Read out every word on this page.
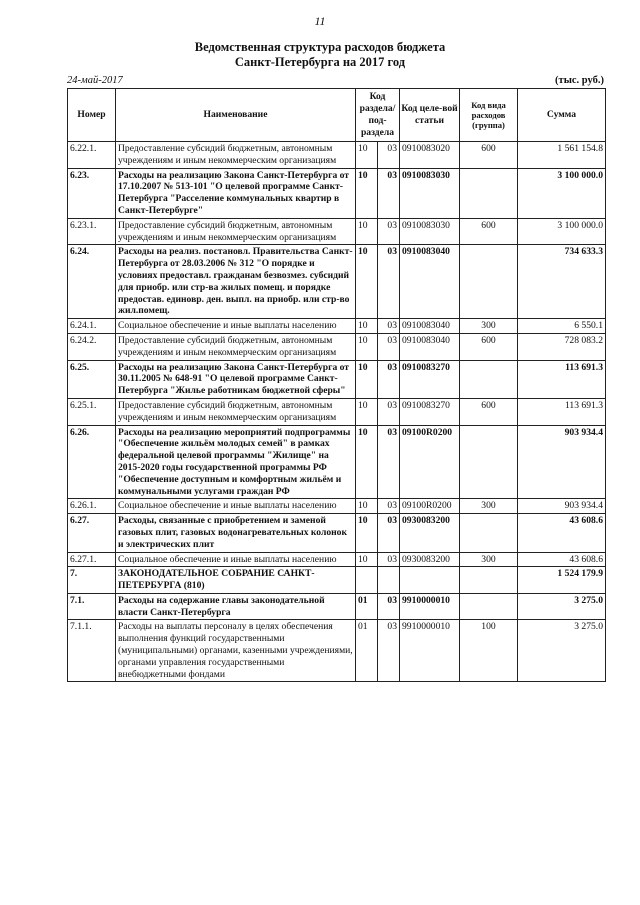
11
Ведомственная структура расходов бюджета
Санкт-Петербурга на 2017 год
24-май-2017	(тыс. руб.)
Номер	Наименование	Код раздела/ под-раздела		Код целе-вой статьи	Код вида расходов (группа)	Сумма
6.22.1.	Предоставление субсидий бюджетным, автономным учреждениям и иным некоммерческим организациям	10	03	0910083020	600	1 561 154.8
6.23.	Расходы на реализацию Закона Санкт-Петербурга от 17.10.2007 № 513-101 "О целевой программе Санкт-Петербурга "Расселение коммунальных квартир в Санкт-Петербурге"	10	03	0910083030		3 100 000.0
6.23.1.	Предоставление субсидий бюджетным, автономным учреждениям и иным некоммерческим организациям	10	03	0910083030	600	3 100 000.0
6.24.	Расходы на реализ. постановл. Правительства Санкт-Петербурга от 28.03.2006 № 312 "О порядке и условиях предоставл. гражданам безвозмез. субсидий для приобр. или стр-ва жилых помещ. и порядке предостав. единовр. ден. выпл. на приобр. или стр-во жил.помещ.	10	03	0910083040		734 633.3
6.24.1.	Социальное обеспечение и иные выплаты населению	10	03	0910083040	300	6 550.1
6.24.2.	Предоставление субсидий бюджетным, автономным учреждениям и иным некоммерческим организациям	10	03	0910083040	600	728 083.2
6.25.	Расходы на реализацию Закона Санкт-Петербурга от 30.11.2005 № 648-91 "О целевой программе Санкт-Петербурга "Жилье работникам бюджетной сферы"	10	03	0910083270		113 691.3
6.25.1.	Предоставление субсидий бюджетным, автономным учреждениям и иным некоммерческим организациям	10	03	0910083270	600	113 691.3
6.26.	Расходы на реализацию мероприятий подпрограммы "Обеспечение жильём молодых семей" в рамках федеральной целевой программы "Жилище" на 2015-2020 годы государственной программы РФ "Обеспечение доступным и комфортным жильём и коммунальными услугами граждан РФ	10	03	09100R0200		903 934.4
6.26.1.	Социальное обеспечение и иные выплаты населению	10	03	09100R0200	300	903 934.4
6.27.	Расходы, связанные с приобретением и заменой газовых плит, газовых водонагревательных колонок и электрических плит	10	03	0930083200		43 608.6
6.27.1.	Социальное обеспечение и иные выплаты населению	10	03	0930083200	300	43 608.6
7.	ЗАКОНОДАТЕЛЬНОЕ СОБРАНИЕ САНКТ-ПЕТЕРБУРГА (810)					1 524 179.9
7.1.	Расходы на содержание главы законодательной власти Санкт-Петербурга	01	03	9910000010		3 275.0
7.1.1.	Расходы на выплаты персоналу в целях обеспечения выполнения функций государственными (муниципальными) органами, казенными учреждениями, органами управления государственными внебюджетными фондами	01	03	9910000010	100	3 275.0
